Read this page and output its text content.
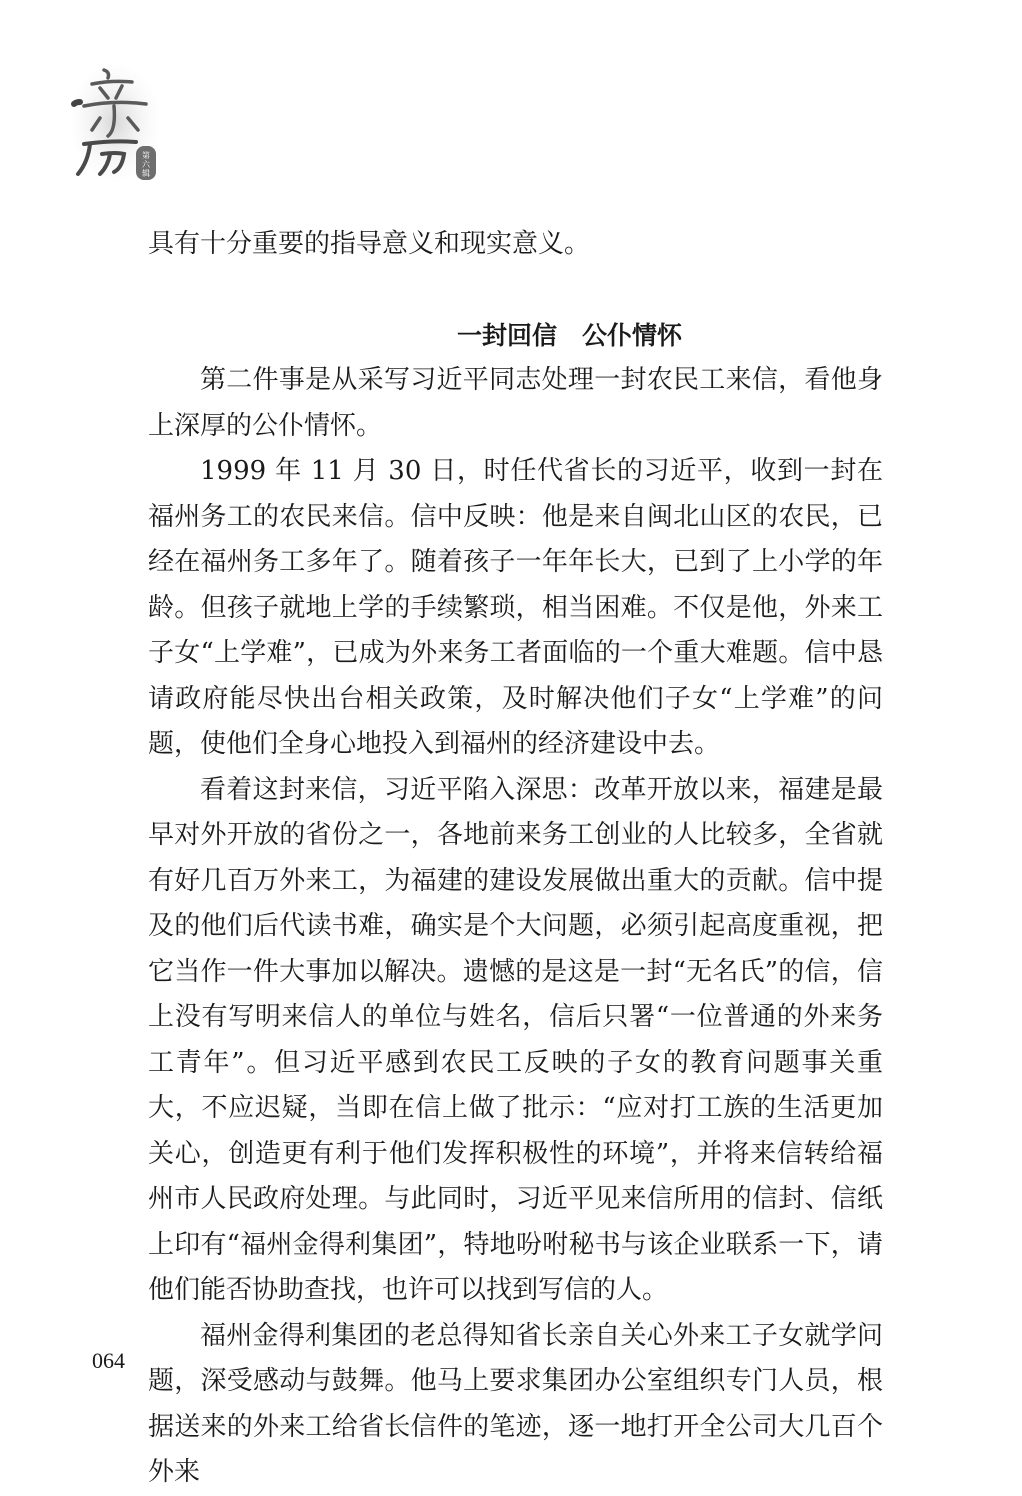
第
六
辑

具有十分重要的指导意义和现实意义。

一封回信　公仆情怀

第二件事是从采写习近平同志处理一封农民工来信，看他身上深厚的公仆情怀。

1999 年 11 月 30 日，时任代省长的习近平，收到一封在福州务工的农民来信。信中反映：他是来自闽北山区的农民，已经在福州务工多年了。随着孩子一年年长大，已到了上小学的年龄。但孩子就地上学的手续繁琐，相当困难。不仅是他，外来工子女“上学难”，已成为外来务工者面临的一个重大难题。信中恳请政府能尽快出台相关政策，及时解决他们子女“上学难”的问题，使他们全身心地投入到福州的经济建设中去。

看着这封来信，习近平陷入深思：改革开放以来，福建是最早对外开放的省份之一，各地前来务工创业的人比较多，全省就有好几百万外来工，为福建的建设发展做出重大的贡献。信中提及的他们后代读书难，确实是个大问题，必须引起高度重视，把它当作一件大事加以解决。遗憾的是这是一封“无名氏”的信，信上没有写明来信人的单位与姓名，信后只署“一位普通的外来务工青年”。但习近平感到农民工反映的子女的教育问题事关重大，不应迟疑，当即在信上做了批示：“应对打工族的生活更加关心，创造更有利于他们发挥积极性的环境”，并将来信转给福州市人民政府处理。与此同时，习近平见来信所用的信封、信纸上印有“福州金得利集团”，特地吩咐秘书与该企业联系一下，请他们能否协助查找，也许可以找到写信的人。

福州金得利集团的老总得知省长亲自关心外来工子女就学问题，深受感动与鼓舞。他马上要求集团办公室组织专门人员，根据送来的外来工给省长信件的笔迹，逐一地打开全公司大几百个外来

064
